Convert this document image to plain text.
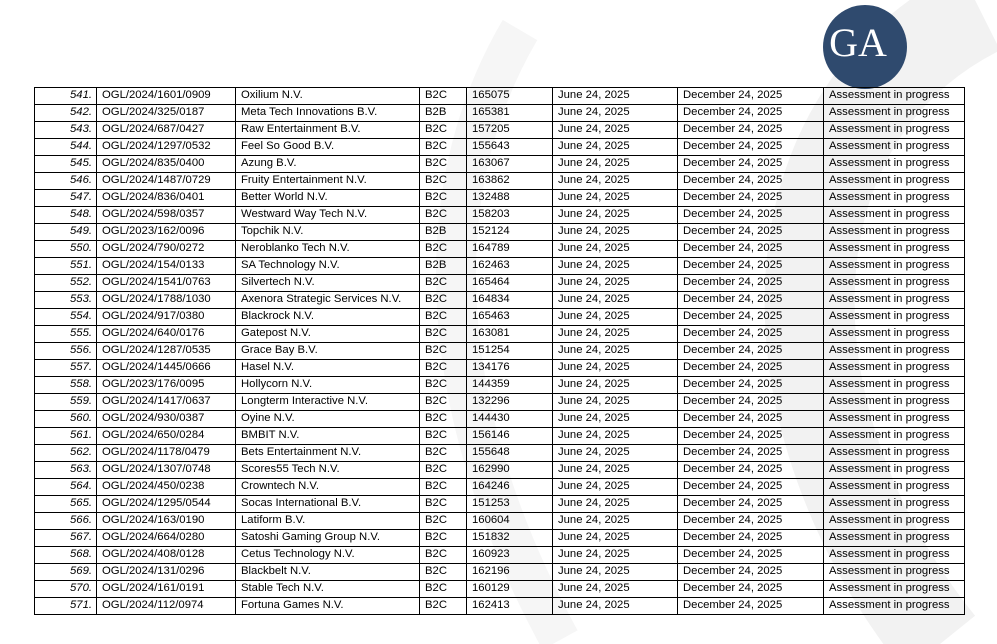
GA
541.	OGL/2024/1601/0909	Oxilium N.V.	B2C	165075	June 24, 2025	December 24, 2025	Assessment in progress
542.	OGL/2024/325/0187	Meta Tech Innovations B.V.	B2B	165381	June 24, 2025	December 24, 2025	Assessment in progress
543.	OGL/2024/687/0427	Raw Entertainment B.V.	B2C	157205	June 24, 2025	December 24, 2025	Assessment in progress
544.	OGL/2024/1297/0532	Feel So Good B.V.	B2C	155643	June 24, 2025	December 24, 2025	Assessment in progress
545.	OGL/2024/835/0400	Azung B.V.	B2C	163067	June 24, 2025	December 24, 2025	Assessment in progress
546.	OGL/2024/1487/0729	Fruity Entertainment N.V.	B2C	163862	June 24, 2025	December 24, 2025	Assessment in progress
547.	OGL/2024/836/0401	Better World N.V.	B2C	132488	June 24, 2025	December 24, 2025	Assessment in progress
548.	OGL/2024/598/0357	Westward Way Tech N.V.	B2C	158203	June 24, 2025	December 24, 2025	Assessment in progress
549.	OGL/2023/162/0096	Topchik N.V.	B2B	152124	June 24, 2025	December 24, 2025	Assessment in progress
550.	OGL/2024/790/0272	Neroblanko Tech N.V.	B2C	164789	June 24, 2025	December 24, 2025	Assessment in progress
551.	OGL/2024/154/0133	SA Technology N.V.	B2B	162463	June 24, 2025	December 24, 2025	Assessment in progress
552.	OGL/2024/1541/0763	Silvertech N.V.	B2C	165464	June 24, 2025	December 24, 2025	Assessment in progress
553.	OGL/2024/1788/1030	Axenora Strategic Services N.V.	B2C	164834	June 24, 2025	December 24, 2025	Assessment in progress
554.	OGL/2024/917/0380	Blackrock N.V.	B2C	165463	June 24, 2025	December 24, 2025	Assessment in progress
555.	OGL/2024/640/0176	Gatepost N.V.	B2C	163081	June 24, 2025	December 24, 2025	Assessment in progress
556.	OGL/2024/1287/0535	Grace Bay B.V.	B2C	151254	June 24, 2025	December 24, 2025	Assessment in progress
557.	OGL/2024/1445/0666	Hasel N.V.	B2C	134176	June 24, 2025	December 24, 2025	Assessment in progress
558.	OGL/2023/176/0095	Hollycorn N.V.	B2C	144359	June 24, 2025	December 24, 2025	Assessment in progress
559.	OGL/2024/1417/0637	Longterm Interactive N.V.	B2C	132296	June 24, 2025	December 24, 2025	Assessment in progress
560.	OGL/2024/930/0387	Oyine N.V.	B2C	144430	June 24, 2025	December 24, 2025	Assessment in progress
561.	OGL/2024/650/0284	BMBIT N.V.	B2C	156146	June 24, 2025	December 24, 2025	Assessment in progress
562.	OGL/2024/1178/0479	Bets Entertainment N.V.	B2C	155648	June 24, 2025	December 24, 2025	Assessment in progress
563.	OGL/2024/1307/0748	Scores55 Tech N.V.	B2C	162990	June 24, 2025	December 24, 2025	Assessment in progress
564.	OGL/2024/450/0238	Crowntech N.V.	B2C	164246	June 24, 2025	December 24, 2025	Assessment in progress
565.	OGL/2024/1295/0544	Socas International B.V.	B2C	151253	June 24, 2025	December 24, 2025	Assessment in progress
566.	OGL/2024/163/0190	Latiform B.V.	B2C	160604	June 24, 2025	December 24, 2025	Assessment in progress
567.	OGL/2024/664/0280	Satoshi Gaming Group N.V.	B2C	151832	June 24, 2025	December 24, 2025	Assessment in progress
568.	OGL/2024/408/0128	Cetus Technology N.V.	B2C	160923	June 24, 2025	December 24, 2025	Assessment in progress
569.	OGL/2024/131/0296	Blackbelt N.V.	B2C	162196	June 24, 2025	December 24, 2025	Assessment in progress
570.	OGL/2024/161/0191	Stable Tech N.V.	B2C	160129	June 24, 2025	December 24, 2025	Assessment in progress
571.	OGL/2024/112/0974	Fortuna Games N.V.	B2C	162413	June 24, 2025	December 24, 2025	Assessment in progress
